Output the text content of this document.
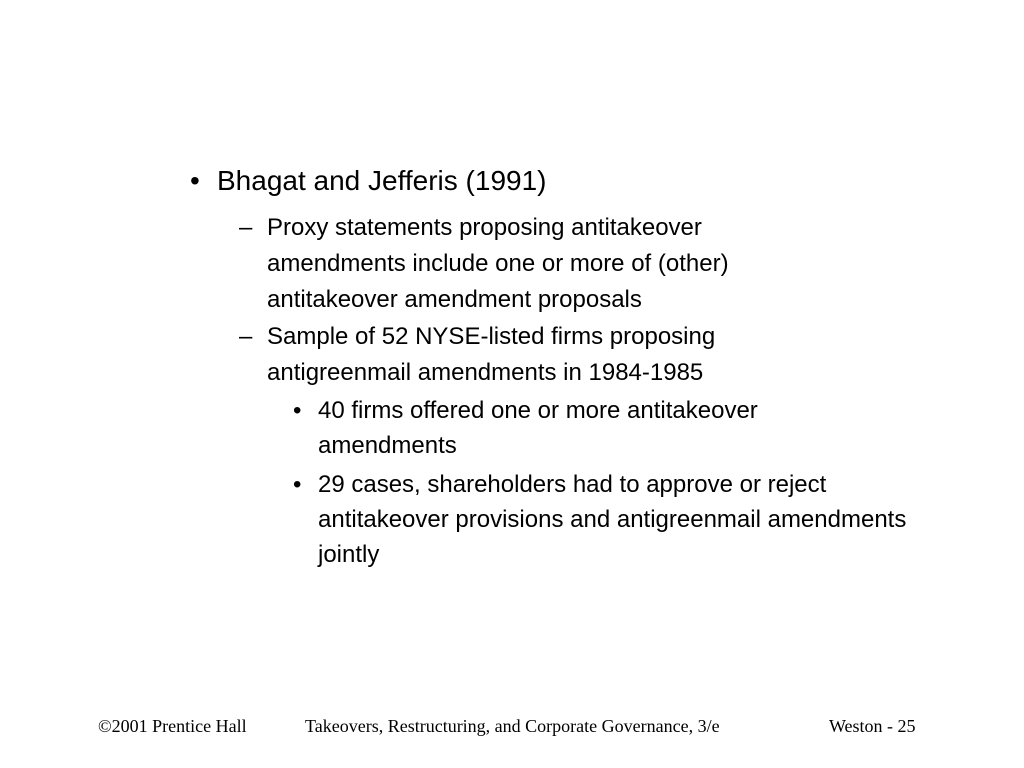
• Bhagat and Jefferis (1991)
– Proxy statements proposing antitakeover amendments include one or more of (other) antitakeover amendment proposals
– Sample of 52 NYSE-listed firms proposing antigreenmail amendments in 1984-1985
• 40 firms offered one or more antitakeover amendments
• 29 cases, shareholders had to approve or reject antitakeover provisions and antigreenmail amendments jointly
©2001 Prentice Hall	Takeovers, Restructuring, and Corporate Governance, 3/e	Weston - 25
